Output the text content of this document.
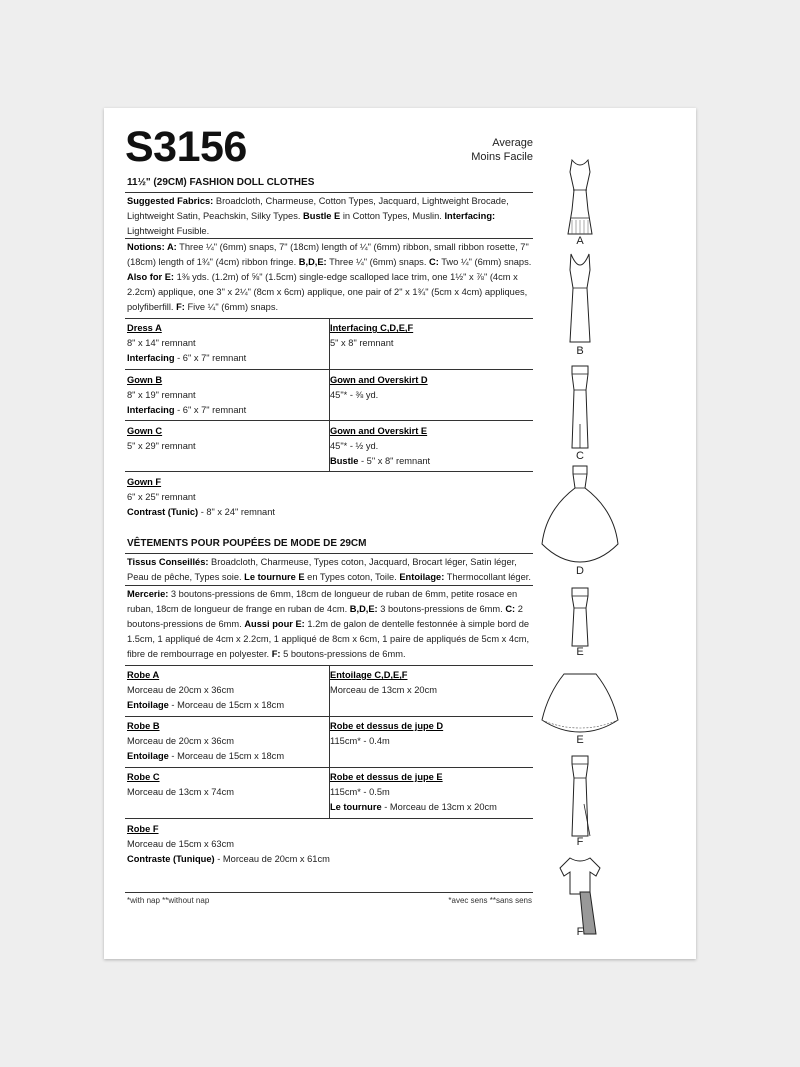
S3156	Average
Moins Facile
11½" (29CM) FASHION DOLL CLOTHES
Suggested Fabrics: Broadcloth, Charmeuse, Cotton Types, Jacquard, Lightweight Brocade, Lightweight Satin, Peachskin, Silky Types. Bustle E in Cotton Types, Muslin. Interfacing: Lightweight Fusible.
Notions: A: Three ¼" (6mm) snaps, 7" (18cm) length of ¼" (6mm) ribbon, small ribbon rosette, 7" (18cm) length of 1¾" (4cm) ribbon fringe. B,D,E: Three ¼" (6mm) snaps. C: Two ¼" (6mm) snaps. Also for E: 1⅜ yds. (1.2m) of ⅝" (1.5cm) single-edge scalloped lace trim, one 1½" x ⅞" (4cm x 2.2cm) applique, one 3" x 2¼" (8cm x 6cm) applique, one pair of 2" x 1¾" (5cm x 4cm) appliques, polyfiberfill. F: Five ¼" (6mm) snaps.
Dress A
8" x 14" remnant
Interfacing - 6" x 7" remnant
Interfacing C,D,E,F
5" x 8" remnant
Gown B
8" x 19" remnant
Interfacing - 6" x 7" remnant
Gown and Overskirt D
45"* - ⅜ yd.
Gown C
5" x 29" remnant
Gown and Overskirt E
45"* - ½ yd.
Bustle - 5" x 8" remnant
Gown F
6" x 25" remnant
Contrast (Tunic) - 8" x 24" remnant
VÊTEMENTS POUR POUPÉES DE MODE DE 29CM
Tissus Conseillés: Broadcloth, Charmeuse, Types coton, Jacquard, Brocart léger, Satin léger, Peau de pêche, Types soie. Le tournure E en Types coton, Toile. Entoilage: Thermocollant léger.
Mercerie: 3 boutons-pressions de 6mm, 18cm de longueur de ruban de 6mm, petite rosace en ruban, 18cm de longueur de frange en ruban de 4cm. B,D,E: 3 boutons-pressions de 6mm. C: 2 boutons-pressions de 6mm. Aussi pour E: 1.2m de galon de dentelle festonnée à simple bord de 1.5cm, 1 appliqué de 4cm x 2.2cm, 1 appliqué de 8cm x 6cm, 1 paire de appliqués de 5cm x 4cm, fibre de rembourrage en polyester. F: 5 boutons-pressions de 6mm.
Robe A
Morceau de 20cm x 36cm
Entoilage - Morceau de 15cm x 18cm
Entoilage C,D,E,F
Morceau de 13cm x 20cm
Robe B
Morceau de 20cm x 36cm
Entoilage - Morceau de 15cm x 18cm
Robe et dessus de jupe D
115cm* - 0.4m
Robe C
Morceau de 13cm x 74cm
Robe et dessus de jupe E
115cm* - 0.5m
Le tournure - Morceau de 13cm x 20cm
Robe F
Morceau de 15cm x 63cm
Contraste (Tunique) - Morceau de 20cm x 61cm
*with nap **without nap	*avec sens **sans sens
A
B
C
D
E
E
F
F
